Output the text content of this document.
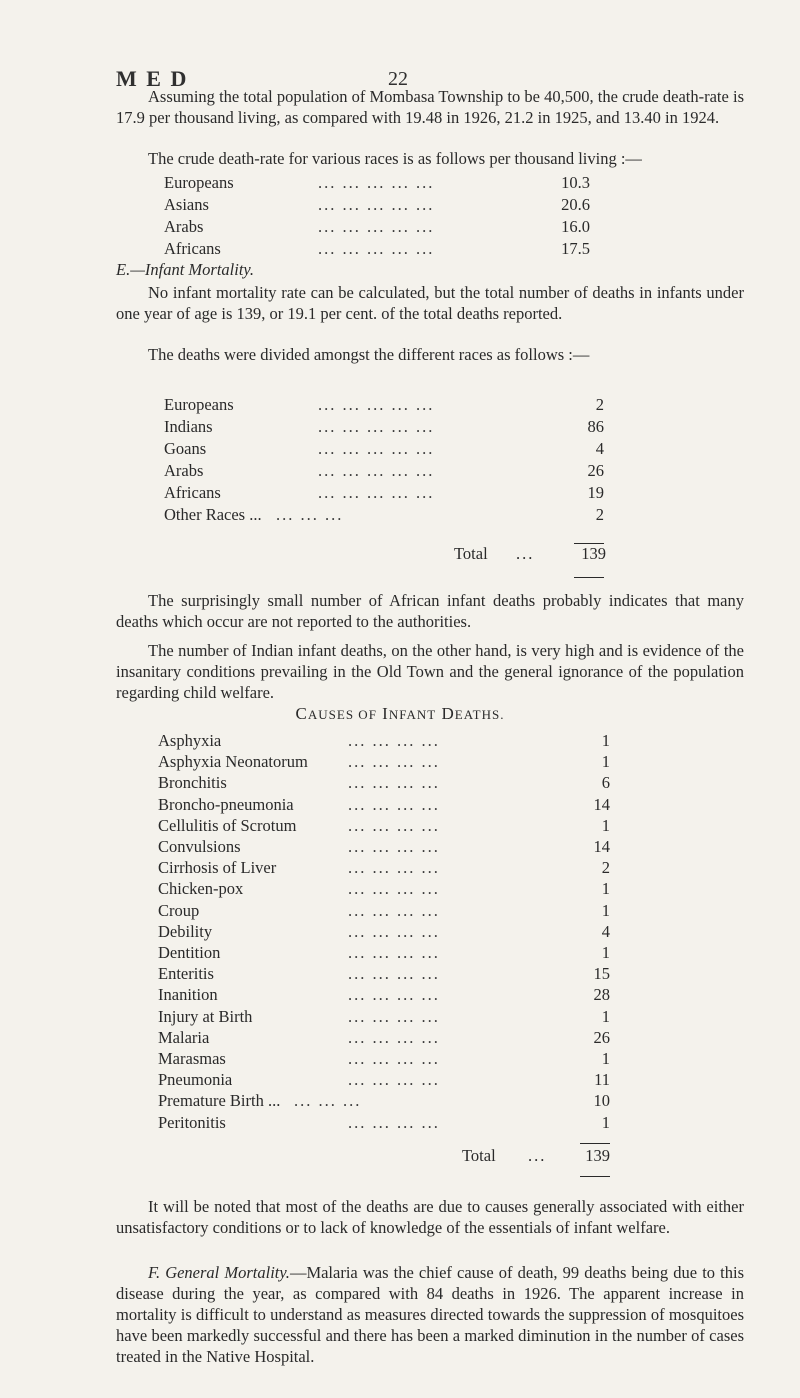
M E D	22

Assuming the total population of Mombasa Township to be 40,500, the crude death-rate is 17.9 per thousand living, as compared with 19.48 in 1926, 21.2 in 1925, and 13.40 in 1924.

The crude death-rate for various races is as follows per thousand living :—

Europeans	... ... ... ... ...	10.3
Asians	... ... ... ... ...	20.6
Arabs	... ... ... ... ...	16.0
Africans	... ... ... ... ...	17.5
E.—Infant Mortality.

No infant mortality rate can be calculated, but the total number of deaths in infants under one year of age is 139, or 19.1 per cent. of the total deaths reported.

The deaths were divided amongst the different races as follows :—

Europeans	... ... ... ... ...	2
Indians	... ... ... ... ...	86
Goans	... ... ... ... ...	4
Arabs	... ... ... ... ...	26
Africans	... ... ... ... ...	19
Other Races ... ... ... ...	2
Total ...	139

The surprisingly small number of African infant deaths probably indicates that many deaths which occur are not reported to the authorities.

The number of Indian infant deaths, on the other hand, is very high and is evidence of the insanitary conditions prevailing in the Old Town and the general ignorance of the population regarding child welfare.

CAUSES OF INFANT DEATHS.
Asphyxia	... ... ... ...	1
Asphyxia Neonatorum ... ... ... ...	1
Bronchitis	... ... ... ...	6
Broncho-pneumonia	... ... ... ...	14
Cellulitis of Scrotum	... ... ... ...	1
Convulsions	... ... ... ...	14
Cirrhosis of Liver	... ... ... ...	2
Chicken-pox	... ... ... ...	1
Croup	... ... ... ...	1
Debility	... ... ... ...	4
Dentition	... ... ... ...	1
Enteritis	... ... ... ...	15
Inanition	... ... ... ...	28
Injury at Birth	... ... ... ...	1
Malaria	... ... ... ...	26
Marasmas	... ... ... ...	1
Pneumonia	... ... ... ...	11
Premature Birth ... ... ... ...	10
Peritonitis	... ... ... ...	1
Total ...	139

It will be noted that most of the deaths are due to causes generally associated with either unsatisfactory conditions or to lack of knowledge of the essentials of infant welfare.

F. General Mortality.—Malaria was the chief cause of death, 99 deaths being due to this disease during the year, as compared with 84 deaths in 1926. The apparent increase in mortality is difficult to understand as measures directed towards the suppression of mosquitoes have been markedly successful and there has been a marked diminution in the number of cases treated in the Native Hospital.
